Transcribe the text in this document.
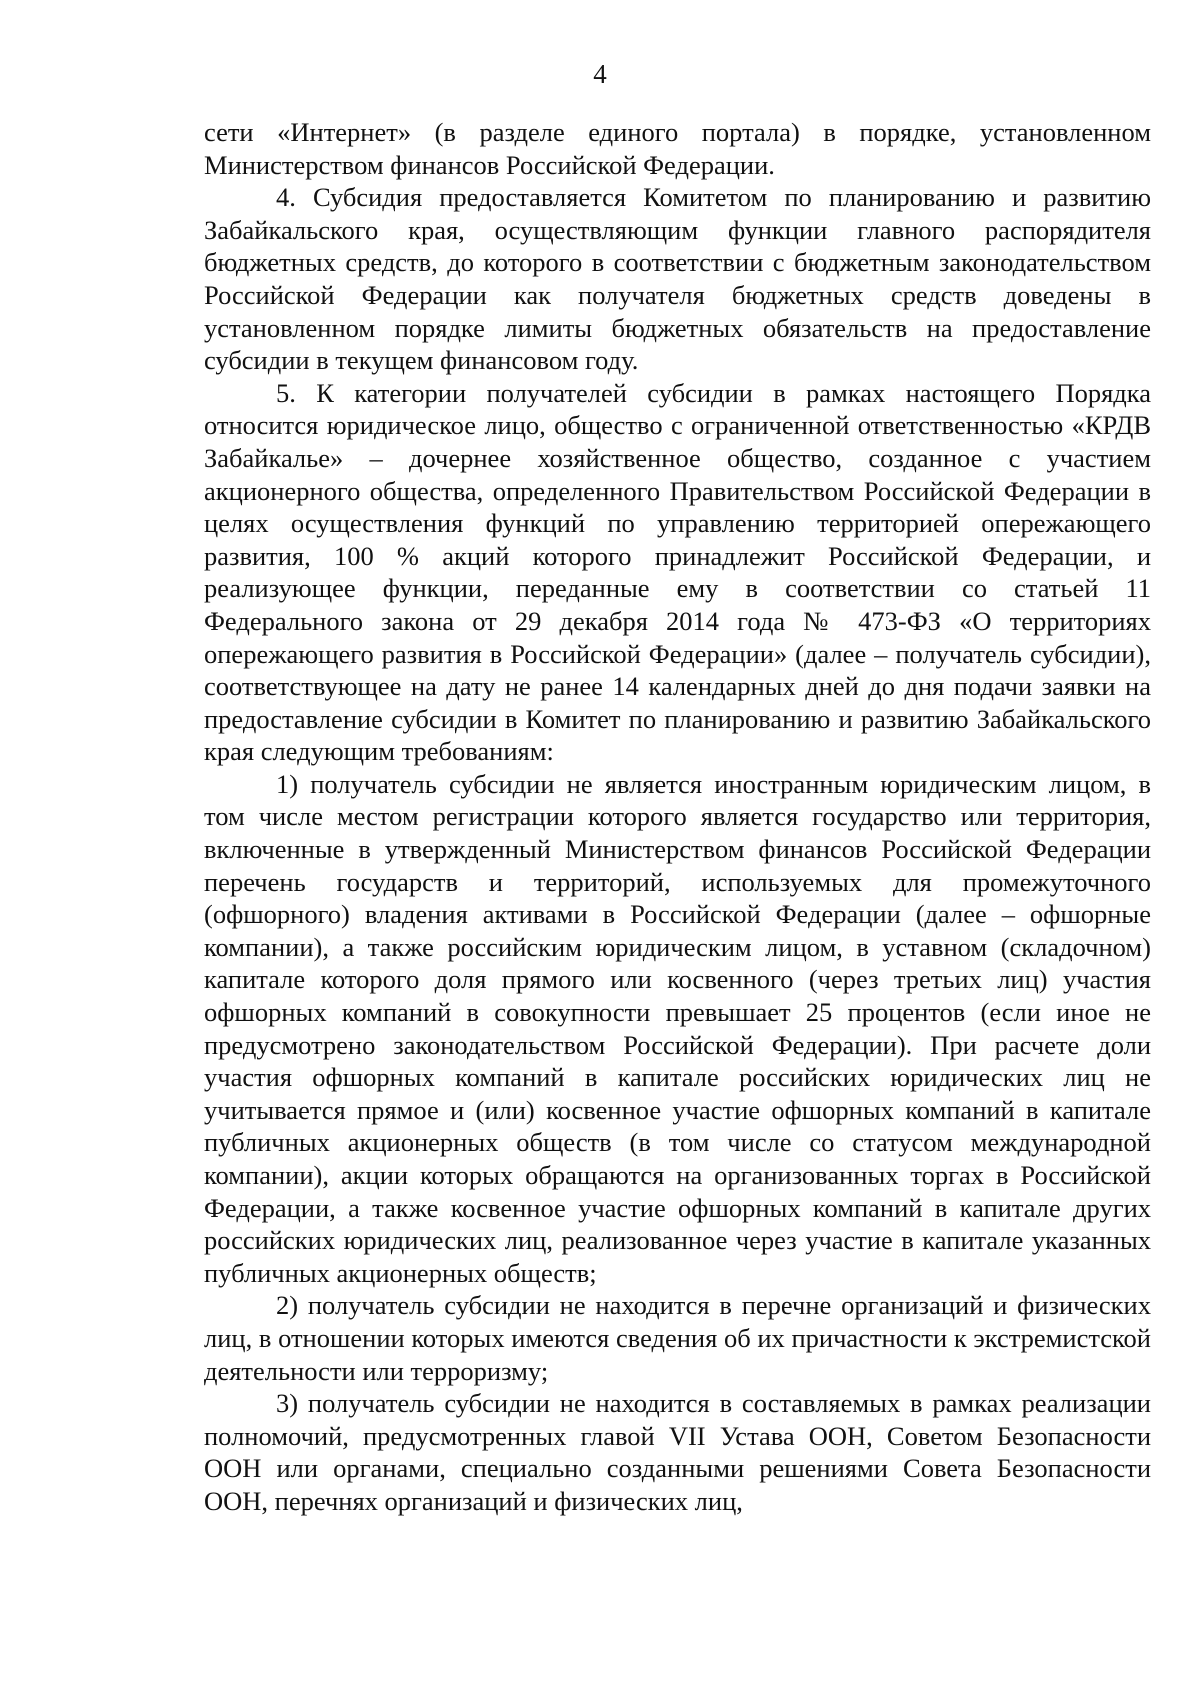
4

сети «Интернет» (в разделе единого портала) в порядке, установленном Министерством финансов Российской Федерации.

4. Субсидия предоставляется Комитетом по планированию и развитию Забайкальского края, осуществляющим функции главного распорядителя бюджетных средств, до которого в соответствии с бюджетным законодательством Российской Федерации как получателя бюджетных средств доведены в установленном порядке лимиты бюджетных обязательств на предоставление субсидии в текущем финансовом году.

5. К категории получателей субсидии в рамках настоящего Порядка относится юридическое лицо, общество с ограниченной ответственностью «КРДВ Забайкалье» – дочернее хозяйственное общество, созданное с участием акционерного общества, определенного Правительством Российской Федерации в целях осуществления функций по управлению территорией опережающего развития, 100 % акций которого принадлежит Российской Федерации, и реализующее функции, переданные ему в соответствии со статьей 11 Федерального закона от 29 декабря 2014 года № 473-ФЗ «О территориях опережающего развития в Российской Федерации» (далее – получатель субсидии), соответствующее на дату не ранее 14 календарных дней до дня подачи заявки на предоставление субсидии в Комитет по планированию и развитию Забайкальского края следующим требованиям:

1) получатель субсидии не является иностранным юридическим лицом, в том числе местом регистрации которого является государство или территория, включенные в утвержденный Министерством финансов Российской Федерации перечень государств и территорий, используемых для промежуточного (офшорного) владения активами в Российской Федерации (далее – офшорные компании), а также российским юридическим лицом, в уставном (складочном) капитале которого доля прямого или косвенного (через третьих лиц) участия офшорных компаний в совокупности превышает 25 процентов (если иное не предусмотрено законодательством Российской Федерации). При расчете доли участия офшорных компаний в капитале российских юридических лиц не учитывается прямое и (или) косвенное участие офшорных компаний в капитале публичных акционерных обществ (в том числе со статусом международной компании), акции которых обращаются на организованных торгах в Российской Федерации, а также косвенное участие офшорных компаний в капитале других российских юридических лиц, реализованное через участие в капитале указанных публичных акционерных обществ;

2) получатель субсидии не находится в перечне организаций и физических лиц, в отношении которых имеются сведения об их причастности к экстремистской деятельности или терроризму;

3) получатель субсидии не находится в составляемых в рамках реализации полномочий, предусмотренных главой VII Устава ООН, Советом Безопасности ООН или органами, специально созданными решениями Совета Безопасности ООН, перечнях организаций и физических лиц,
